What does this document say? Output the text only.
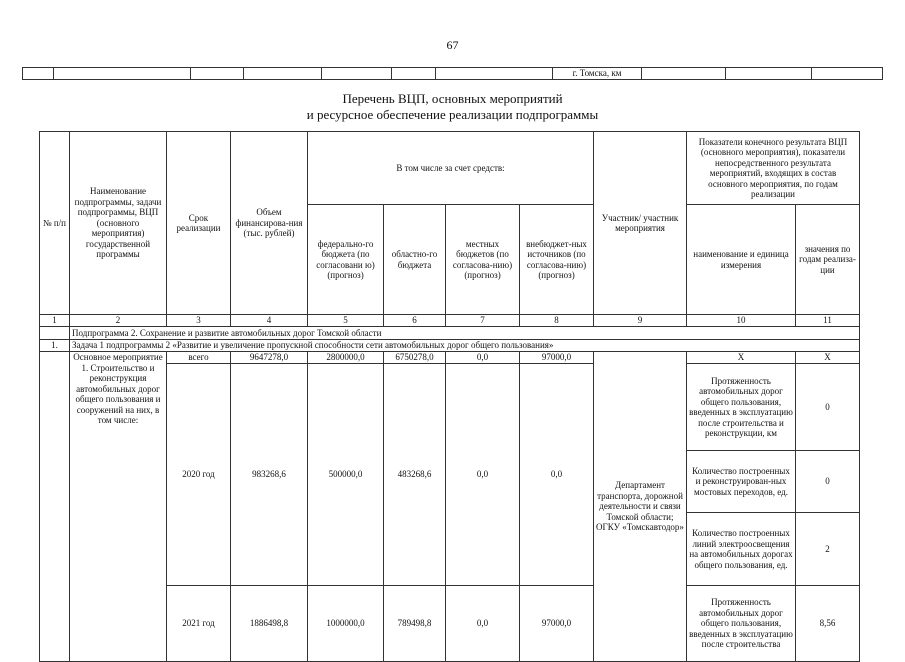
67
							г. Томска, км			
Перечень ВЦП, основных мероприятий
и ресурсное обеспечение реализации подпрограммы
№ п/п	Наименование подпрограммы, задачи подпрограммы, ВЦП (основного мероприятия) государственной программы	Срок реализации	Объем финансирова-ния (тыс. рублей)	В том числе за счет средств:				Участник/ участник мероприятия	Показатели конечного результата ВЦП (основного мероприятия), показатели непосредственного результата мероприятий, входящих в состав основного мероприятия, по годам реализации	
				федерально-го бюджета (по согласовани ю) (прогноз)	областно-го бюджета	местных бюджетов (по согласова-нию) (прогноз)	внебюджет-ных источников (по согласова-нию) (прогноз)		наименование и единица измерения	значения по годам реализа-ции
1	2	3	4	5	6	7	8	9	10	11
	Подпрограмма 2. Сохранение и развитие автомобильных дорог Томской области									
1.	Задача 1 подпрограммы 2 «Развитие и увеличение пропускной способности сети автомобильных дорог общего пользования»									
	Основное мероприятие 1. Строительство и реконструкция автомобильных дорог общего пользования и сооружений на них, в том числе:	всего	9647278,0	2800000,0	6750278,0	0,0	97000,0	Департамент транспорта, дорожной деятельности и связи Томской области; ОГКУ «Томскавтодор»	Х	Х
		2020 год	983268,6	500000,0	483268,6	0,0	0,0		Протяженность автомобильных дорог общего пользования, введенных в эксплуатацию после строительства и реконструкции, км	0
									Количество построенных и реконструирован-ных мостовых переходов, ед.	0
									Количество построенных линий электроосвещения на автомобильных дорогах общего пользования, ед.	2
		2021 год	1886498,8	1000000,0	789498,8	0,0	97000,0		Протяженность автомобильных дорог общего пользования, введенных в эксплуатацию после строительства	8,56
